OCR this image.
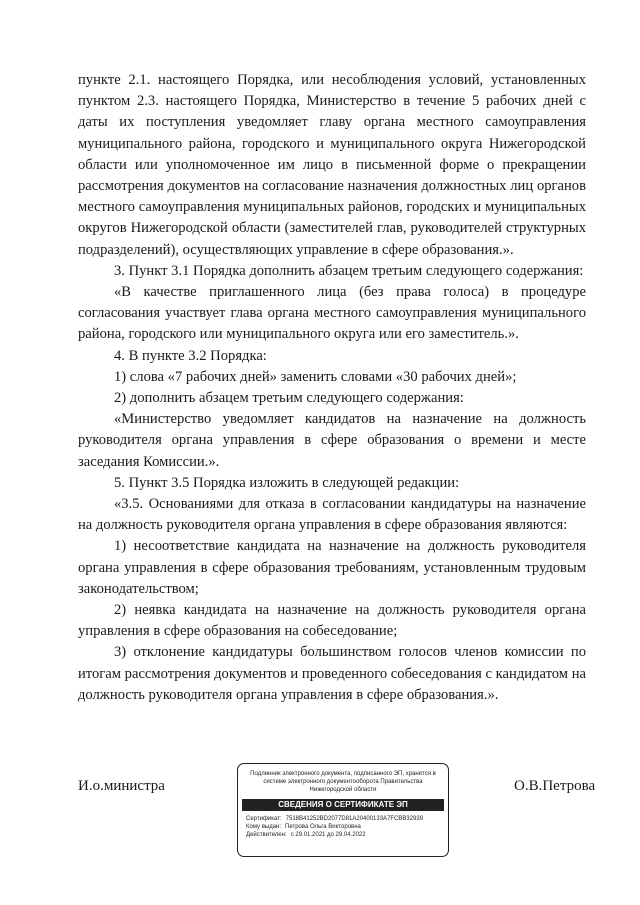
пункте 2.1. настоящего Порядка, или несоблюдения условий, установленных пунктом 2.3. настоящего Порядка, Министерство в течение 5 рабочих дней с даты их поступления уведомляет главу органа местного самоуправления муниципального района, городского и муниципального округа Нижегородской области или уполномоченное им лицо в письменной форме о прекращении рассмотрения документов на согласование назначения должностных лиц органов местного самоуправления муниципальных районов, городских и муниципальных округов Нижегородской области (заместителей глав, руководителей структурных подразделений), осуществляющих управление в сфере образования.».

3. Пункт 3.1 Порядка дополнить абзацем третьим следующего содержания:

«В качестве приглашенного лица (без права голоса) в процедуре согласования участвует глава органа местного самоуправления муниципального района, городского или муниципального округа или его заместитель.».

4. В пункте 3.2 Порядка:

1) слова «7 рабочих дней» заменить словами «30 рабочих дней»;

2) дополнить абзацем третьим следующего содержания:

«Министерство уведомляет кандидатов на назначение на должность руководителя органа управления в сфере образования о времени и месте заседания Комиссии.».

5. Пункт 3.5 Порядка изложить в следующей редакции:

«3.5. Основаниями для отказа в согласовании кандидатуры на назначение на должность руководителя органа управления в сфере образования являются:

1) несоответствие кандидата на назначение на должность руководителя органа управления в сфере образования требованиям, установленным трудовым законодательством;

2) неявка кандидата на назначение на должность руководителя органа управления в сфере образования на собеседование;

3) отклонение кандидатуры большинством голосов членов комиссии по итогам рассмотрения документов и проведенного собеседования с кандидатом на должность руководителя органа управления в сфере образования.».

И.о.министра
Подлинник электронного документа, подписанного ЭП, хранится в системе электронного документооборота Правительства Нижегородской области
СВЕДЕНИЯ О СЕРТИФИКАТЕ ЭП
Сертификат: 7518B41252BD2077D81A20400133A7FCBB32939
Кому выдан: Петрова Ольга Викторовна
Действителен: с 29.01.2021 до 29.04.2022
О.В.Петрова
